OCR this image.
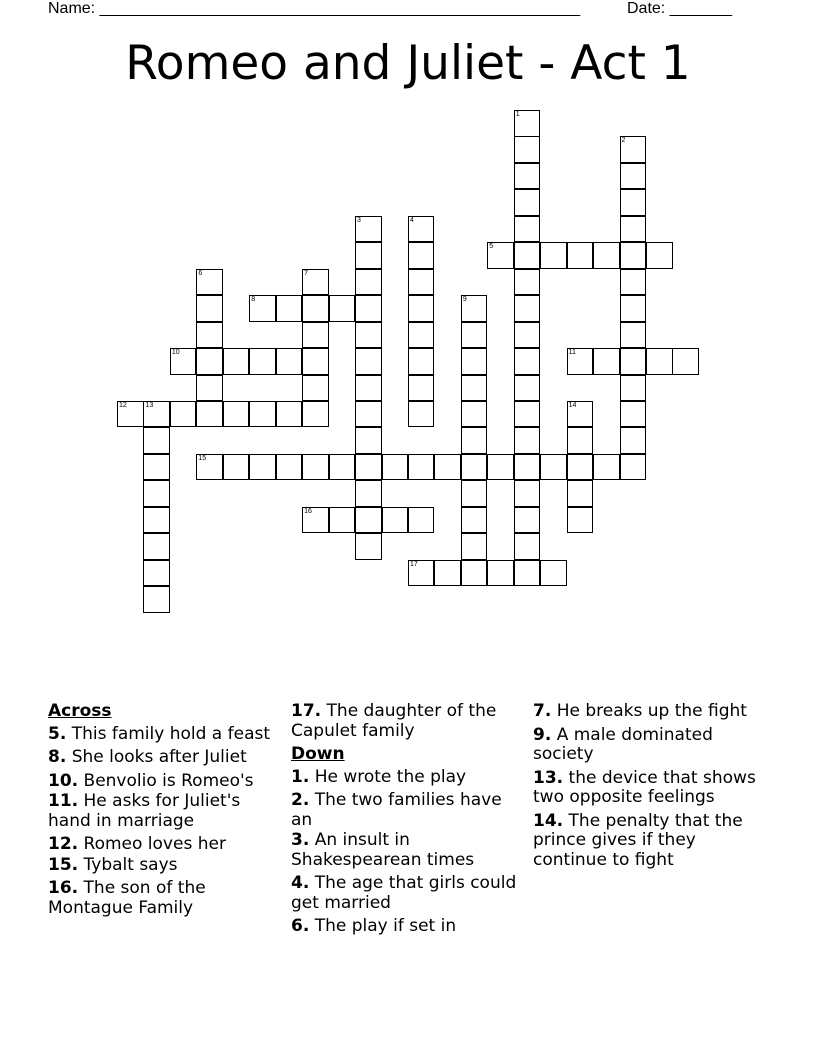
Name: ______________________________________________________	Date: _______
Romeo and Juliet - Act 1
1
2
3	4
5
6	7
8	9
10	11
12	13	14
15
16
17
Across
5. This family hold a feast
8. She looks after Juliet
10. Benvolio is Romeo's
11. He asks for Juliet's hand in marriage
12. Romeo loves her
15. Tybalt says
16. The son of the Montague Family
17. The daughter of the Capulet family
Down
1. He wrote the play
2. The two families have an
3. An insult in Shakespearean times
4. The age that girls could get married
6. The play if set in
7. He breaks up the fight
9. A male dominated society
13. the device that shows two opposite feelings
14. The penalty that the prince gives if they continue to fight
